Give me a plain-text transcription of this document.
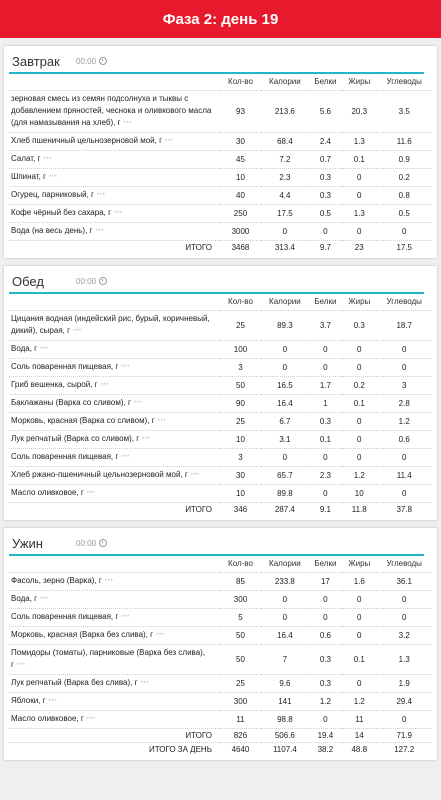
Фаза 2: день 19
Завтрак	00:00
	Кол-во	Калории	Белки	Жиры	Углеводы
зерновая смесь из семян подсолнуха и тыквы с добавлением пряностей, чеснока и оливкового масла (для намазывания на хлеб), г ***	93	213.6	5.6	20.3	3.5
Хлеб пшеничный цельнозерновой мой, г ***	30	68.4	2.4	1.3	11.6
Салат, г ***	45	7.2	0.7	0.1	0.9
Шпинат, г ***	10	2.3	0.3	0	0.2
Огурец, парниковый, г ***	40	4.4	0.3	0	0.8
Кофе чёрный без сахара, г ***	250	17.5	0.5	1.3	0.5
Вода (на весь день), г ***	3000	0	0	0	0
ИТОГО	3468	313.4	9.7	23	17.5
Обед	00:00
	Кол-во	Калории	Белки	Жиры	Углеводы
Цицания водная (индейский рис, бурый, коричневый, дикий), сырая, г ***	25	89.3	3.7	0.3	18.7
Вода, г ***	100	0	0	0	0
Соль поваренная пищевая, г ***	3	0	0	0	0
Гриб вешенка, сырой, г ***	50	16.5	1.7	0.2	3
Баклажаны (Варка со сливом), г ***	90	16.4	1	0.1	2.8
Морковь, красная (Варка со сливом), г ***	25	6.7	0.3	0	1.2
Лук репчатый (Варка со сливом), г ***	10	3.1	0.1	0	0.6
Соль поваренная пищевая, г ***	3	0	0	0	0
Хлеб ржано-пшеничный цельнозерновой мой, г ***	30	65.7	2.3	1.2	11.4
Масло оливковое, г ***	10	89.8	0	10	0
ИТОГО	346	287.4	9.1	11.8	37.8
Ужин	00:00
	Кол-во	Калории	Белки	Жиры	Углеводы
Фасоль, зерно (Варка), г ***	85	233.8	17	1.6	36.1
Вода, г ***	300	0	0	0	0
Соль поваренная пищевая, г ***	5	0	0	0	0
Морковь, красная (Варка без слива), г ***	50	16.4	0.6	0	3.2
Помидоры (томаты), парниковые (Варка без слива), г ***	50	7	0.3	0.1	1.3
Лук репчатый (Варка без слива), г ***	25	9.6	0.3	0	1.9
Яблоки, г ***	300	141	1.2	1.2	29.4
Масло оливковое, г ***	11	98.8	0	11	0
ИТОГО	826	506.6	19.4	14	71.9
ИТОГО ЗА ДЕНЬ	4640	1107.4	38.2	48.8	127.2
